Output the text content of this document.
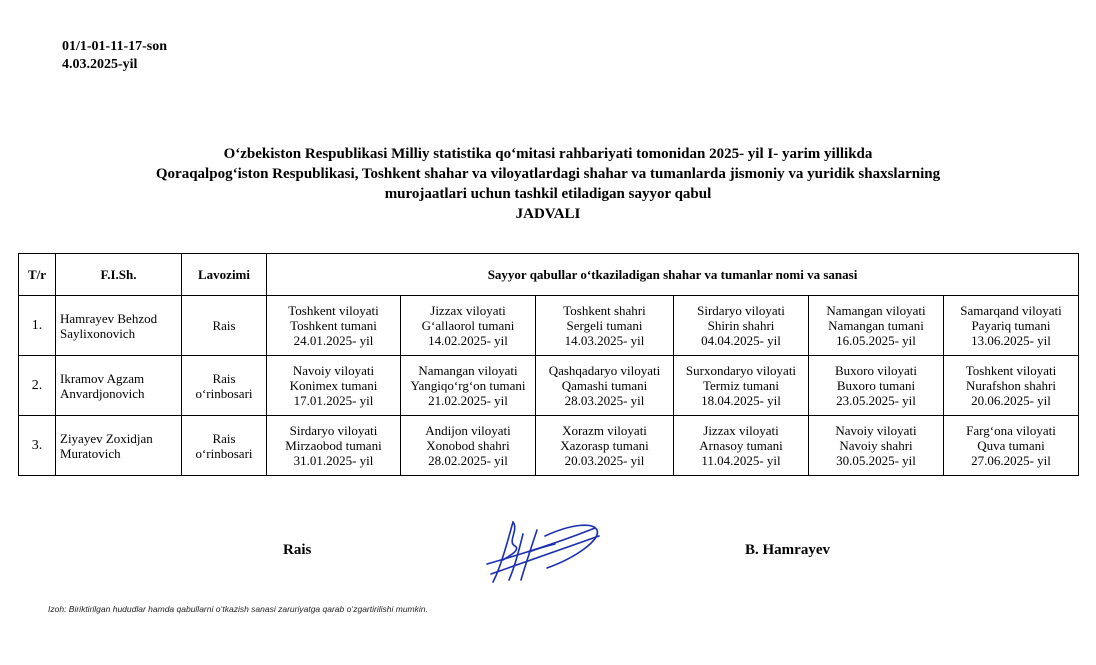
01/1-01-11-17-son
4.03.2025-yil
O‘zbekiston Respublikasi Milliy statistika qo‘mitasi rahbariyati tomonidan 2025- yil I- yarim yillikda
Qoraqalpog‘iston Respublikasi, Toshkent shahar va viloyatlardagi shahar va tumanlarda jismoniy va yuridik shaxslarning
murojaatlari uchun tashkil etiladigan sayyor qabul
JADVALI
T/r	F.I.Sh.	Lavozimi	Sayyor qabullar o‘tkaziladigan shahar va tumanlar nomi va sanasi					
1.	Hamrayev Behzod
Saylixonovich	Rais	Toshkent viloyati
Toshkent tumani
24.01.2025- yil	Jizzax viloyati
G‘allaorol tumani
14.02.2025- yil	Toshkent shahri
Sergeli tumani
14.03.2025- yil	Sirdaryo viloyati
Shirin shahri
04.04.2025- yil	Namangan viloyati
Namangan tumani
16.05.2025- yil	Samarqand viloyati
Payariq tumani
13.06.2025- yil

2.	Ikramov Agzam
Anvardjonovich	Rais
o‘rinbosari	Navoiy viloyati
Konimex tumani
17.01.2025- yil	Namangan viloyati
Yangiqo‘rg‘on tumani
21.02.2025- yil	Qashqadaryo viloyati
Qamashi tumani
28.03.2025- yil	Surxondaryo viloyati
Termiz tumani
18.04.2025- yil	Buxoro viloyati
Buxoro tumani
23.05.2025- yil	Toshkent viloyati
Nurafshon shahri
20.06.2025- yil

3.	Ziyayev Zoxidjan
Muratovich	Rais
o‘rinbosari	Sirdaryo viloyati
Mirzaobod tumani
31.01.2025- yil	Andijon viloyati
Xonobod shahri
28.02.2025- yil	Xorazm viloyati
Xazorasp tumani
20.03.2025- yil	Jizzax viloyati
Arnasoy tumani
11.04.2025- yil	Navoiy viloyati
Navoiy shahri
30.05.2025- yil	Farg‘ona viloyati
Quva tumani
27.06.2025- yil
Rais	B. Hamrayev
Izoh: Biriktirilgan hududlar hamda qabullarni o‘tkazish sanasi zaruriyatga qarab o‘zgartirilishi mumkin.
